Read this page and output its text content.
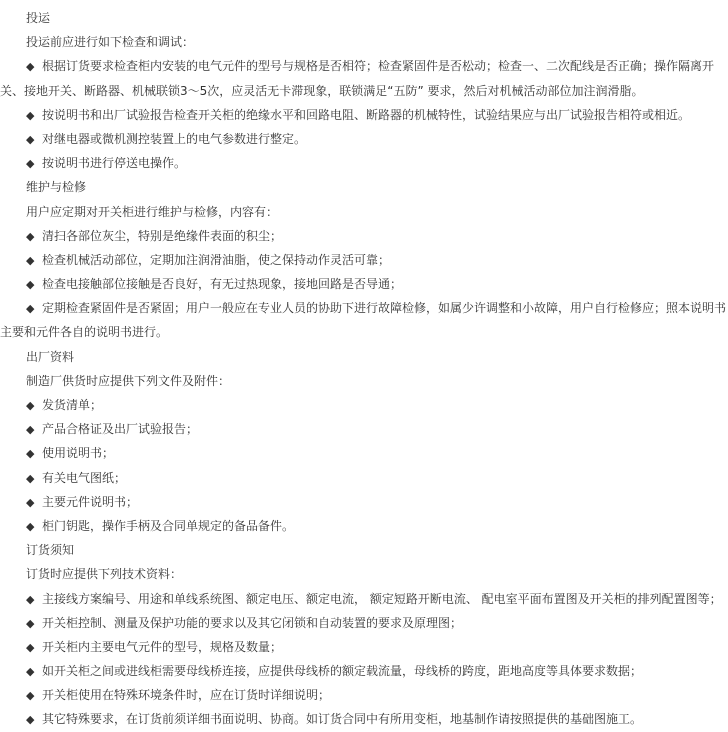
投运
投运前应进行如下检查和调试：
◆ 根据订货要求检查柜内安装的电气元件的型号与规格是否相符；检查紧固件是否松动；检查一、二次配线是否正确；操作隔离开
关、接地开关、断路器、机械联锁3～5次，应灵活无卡滞现象，联锁满足“五防” 要求，然后对机械活动部位加注润滑脂。
◆ 按说明书和出厂试验报告检查开关柜的绝缘水平和回路电阻、断路器的机械特性，试验结果应与出厂试验报告相符或相近。
◆ 对继电器或微机测控装置上的电气参数进行整定。
◆ 按说明书进行停送电操作。
维护与检修
用户应定期对开关柜进行维护与检修，内容有：
◆ 清扫各部位灰尘，特别是绝缘件表面的积尘；
◆ 检查机械活动部位，定期加注润滑油脂，使之保持动作灵活可靠；
◆ 检查电接触部位接触是否良好，有无过热现象，接地回路是否导通；
◆ 定期检查紧固件是否紧固；用户一般应在专业人员的协助下进行故障检修，如属少许调整和小故障，用户自行检修应；照本说明书
主要和元件各自的说明书进行。
出厂资料
制造厂供货时应提供下列文件及附件：
◆ 发货清单；
◆ 产品合格证及出厂试验报告；
◆ 使用说明书；
◆ 有关电气图纸；
◆ 主要元件说明书；
◆ 柜门钥匙，操作手柄及合同单规定的备品备件。
订货须知
订货时应提供下列技术资料：
◆ 主接线方案编号、用途和单线系统图、额定电压、额定电流， 额定短路开断电流、 配电室平面布置图及开关柜的排列配置图等；
◆ 开关柜控制、测量及保护功能的要求以及其它闭锁和自动装置的要求及原理图；
◆ 开关柜内主要电气元件的型号，规格及数量；
◆ 如开关柜之间或进线柜需要母线桥连接，应提供母线桥的额定载流量，母线桥的跨度，距地高度等具体要求数据；
◆ 开关柜使用在特殊环境条件时，应在订货时详细说明；
◆ 其它特殊要求，在订货前须详细书面说明、协商。如订货合同中有所用变柜，地基制作请按照提供的基础图施工。
